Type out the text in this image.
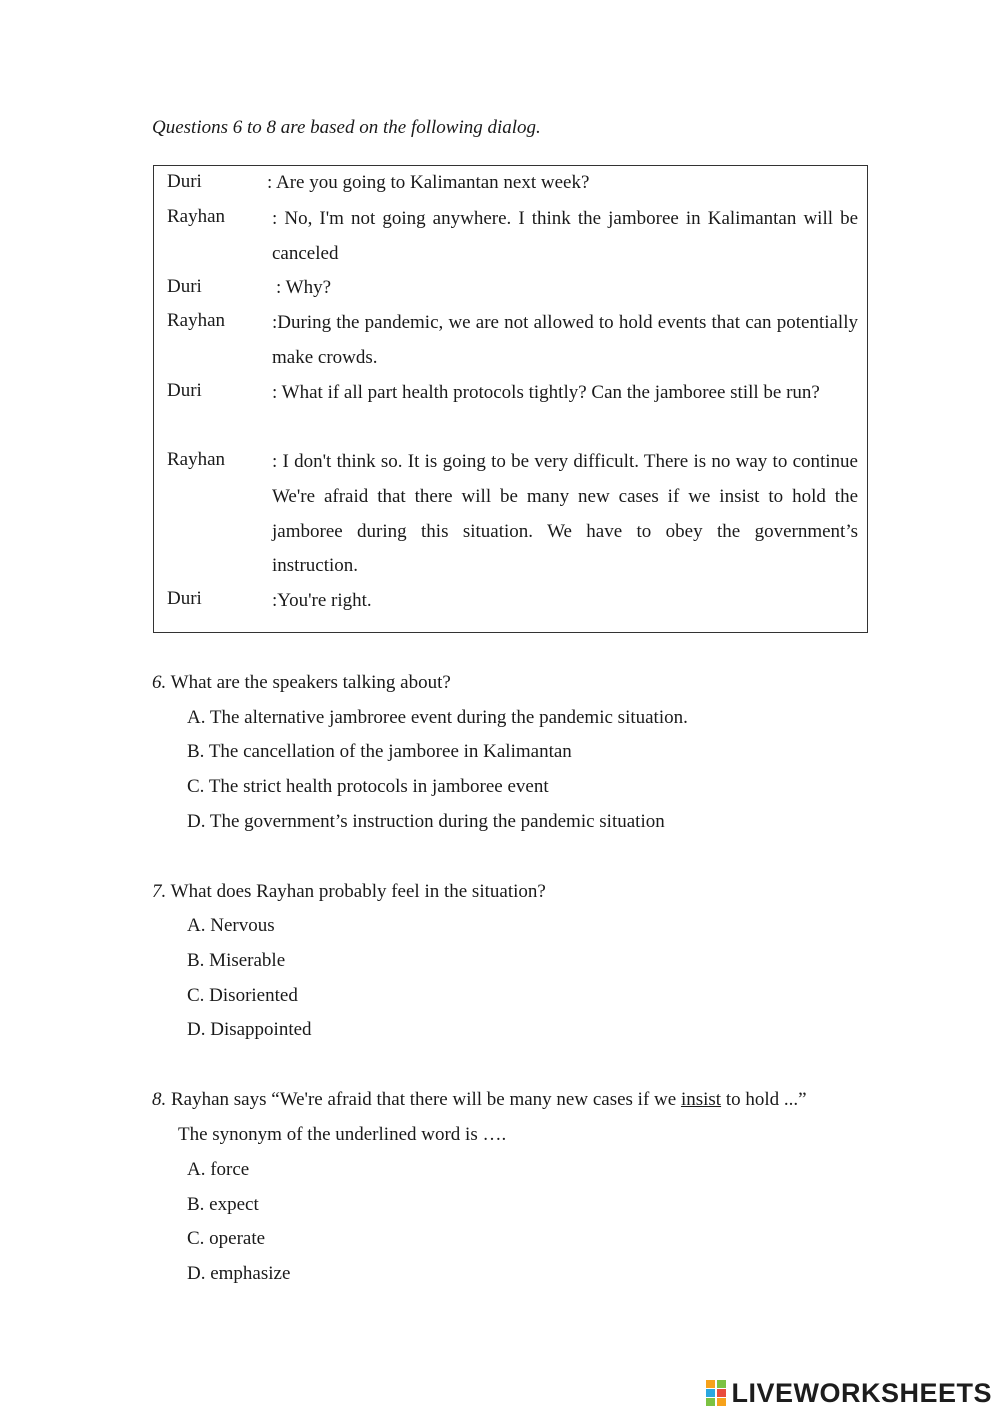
Questions 6 to 8 are based on the following dialog.
Duri	: Are you going to Kalimantan next week?
Rayhan : No, I'm not going anywhere. I think the jamboree in Kalimantan will be canceled
Duri	: Why?
Rayhan :During the pandemic, we are not allowed to hold events that can potentially make crowds.
Duri	: What if all part health protocols tightly? Can the jamboree still be run?
Rayhan : I don't think so. It is going to be very difficult. There is no way to continue We're afraid that there will be many new cases if we insist to hold the jamboree during this situation. We have to obey the government’s instruction.
Duri	:You're right.
6. What are the speakers talking about?
A. The alternative jambroree event during the pandemic situation.
B. The cancellation of the jamboree in Kalimantan
C. The strict health protocols in jamboree event
D. The government’s instruction during the pandemic situation
7. What does Rayhan probably feel in the situation?
A. Nervous
B. Miserable
C. Disoriented
D. Disappointed
8. Rayhan says “We're afraid that there will be many new cases if we insist to hold ...”
The synonym of the underlined word is ….
A. force
B. expect
C. operate
D. emphasize
LIVEWORKSHEETS
